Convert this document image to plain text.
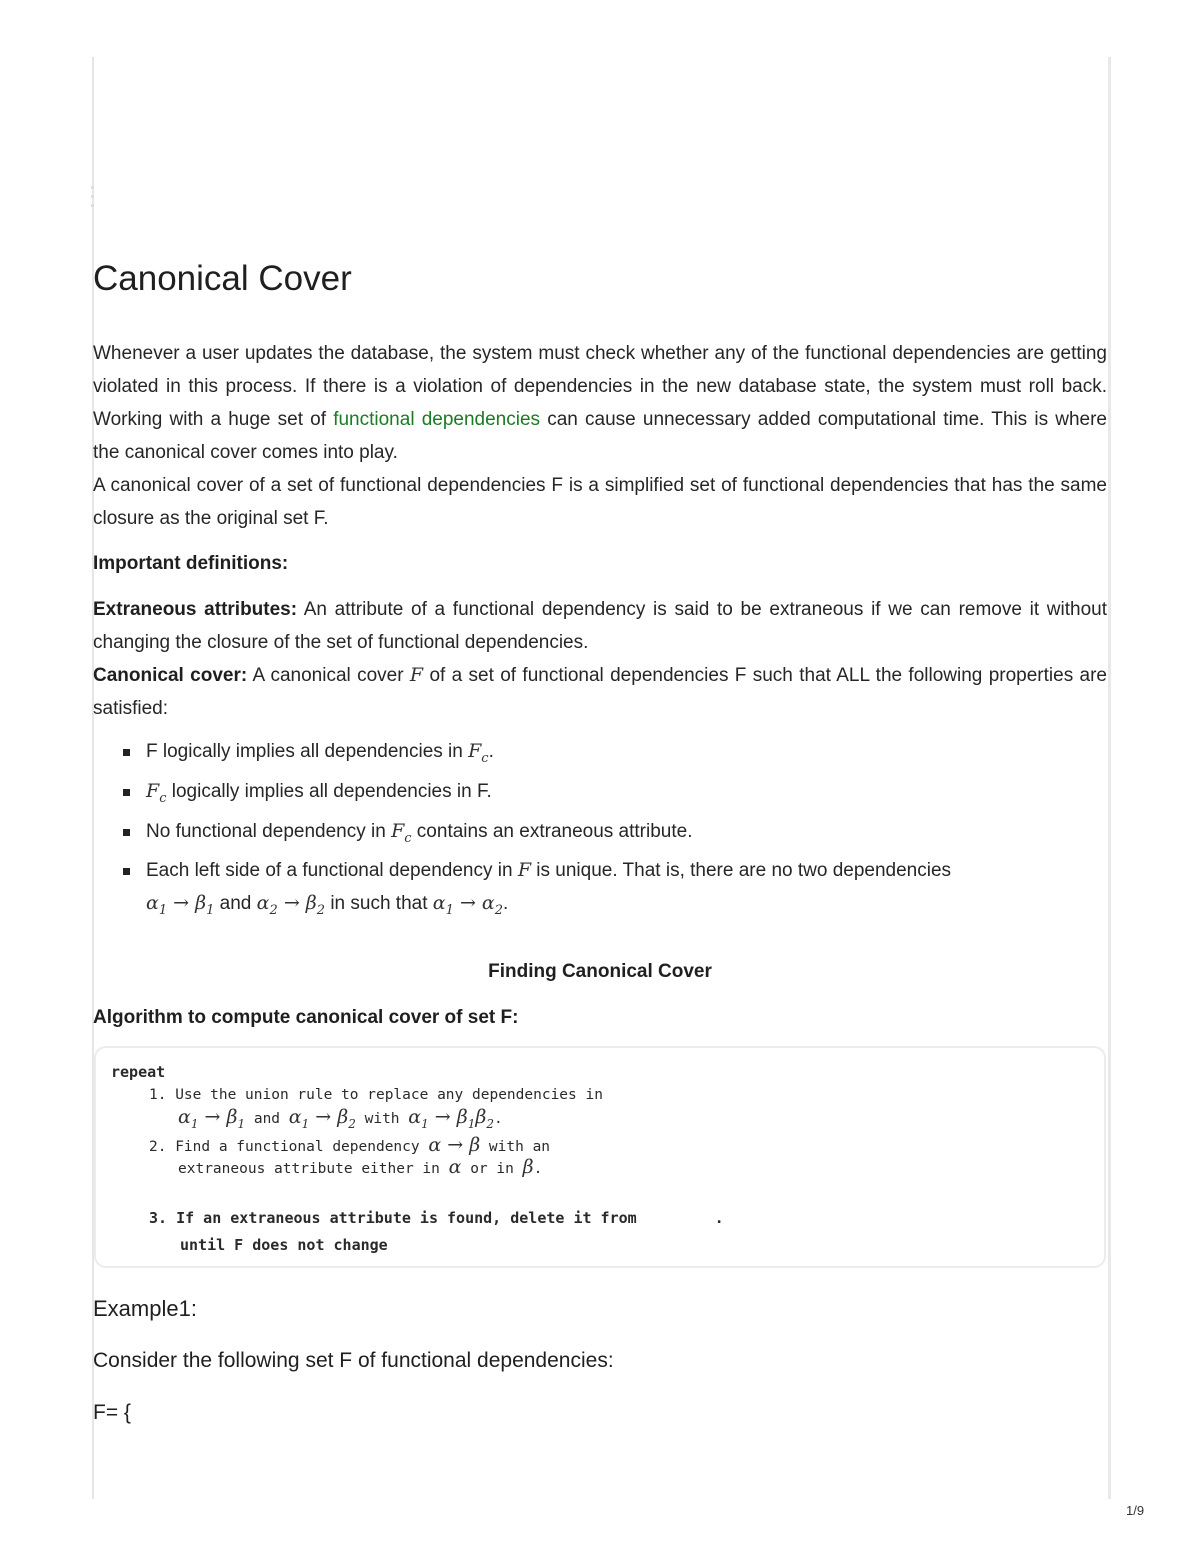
Canonical Cover

Whenever a user updates the database, the system must check whether any of the functional dependencies are getting violated in this process. If there is a violation of dependencies in the new database state, the system must roll back. Working with a huge set of functional dependencies can cause unnecessary added computational time. This is where the canonical cover comes into play.

A canonical cover of a set of functional dependencies F is a simplified set of functional dependencies that has the same closure as the original set F.

Important definitions:

Extraneous attributes: An attribute of a functional dependency is said to be extraneous if we can remove it without changing the closure of the set of functional dependencies.

Canonical cover: A canonical cover F of a set of functional dependencies F such that ALL the following properties are satisfied:

F logically implies all dependencies in $F_c$.
$F_c$ logically implies all dependencies in F.
No functional dependency in $F_c$ contains an extraneous attribute.
Each left side of a functional dependency in F is unique. That is, there are no two dependencies
$\alpha_1 \to \beta_1$ and $\alpha_2 \to \beta_2$ in such that $\alpha_1 \to \alpha_2$.

Finding Canonical Cover

Algorithm to compute canonical cover of set F:

repeat
1. Use the union rule to replace any dependencies in
$\alpha_1 \to \beta_1$ and $\alpha_1 \to \beta_2$ with $\alpha_1 \to \beta_1\beta_2$.
2. Find a functional dependency α → β with an
extraneous attribute either in α or in β.
3. If an extraneous attribute is found, delete it from	.
until F does not change
Example1:
Consider the following set F of functional dependencies:
F= {
1/9
